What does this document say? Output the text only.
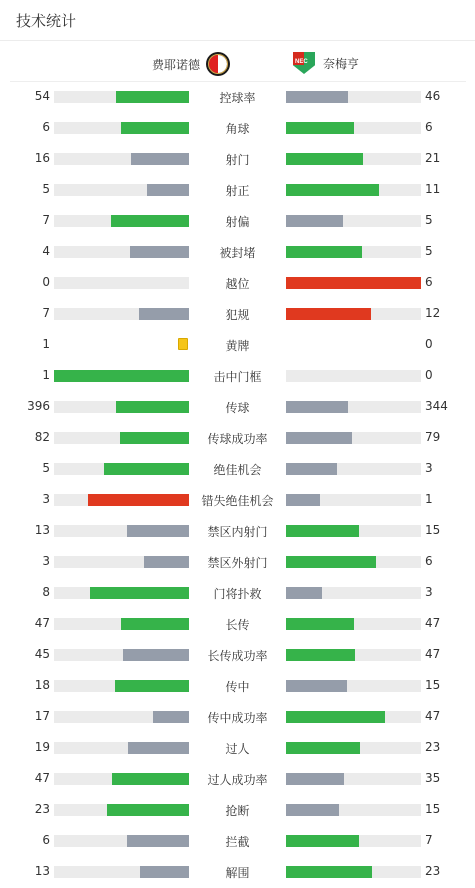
技术统计
费耶诺德	NEC 奈梅亨
54	控球率	46
6	角球	6
16	射门	21
5	射正	11
7	射偏	5
4	被封堵	5
0	越位	6
7	犯规	12
1	黄牌	0
1	击中门框	0
396	传球	344
82	传球成功率	79
5	绝佳机会	3
3	错失绝佳机会	1
13	禁区内射门	15
3	禁区外射门	6
8	门将扑救	3
47	长传	47
45	长传成功率	47
18	传中	15
17	传中成功率	47
19	过人	23
47	过人成功率	35
23	抢断	15
6	拦截	7
13	解围	23
